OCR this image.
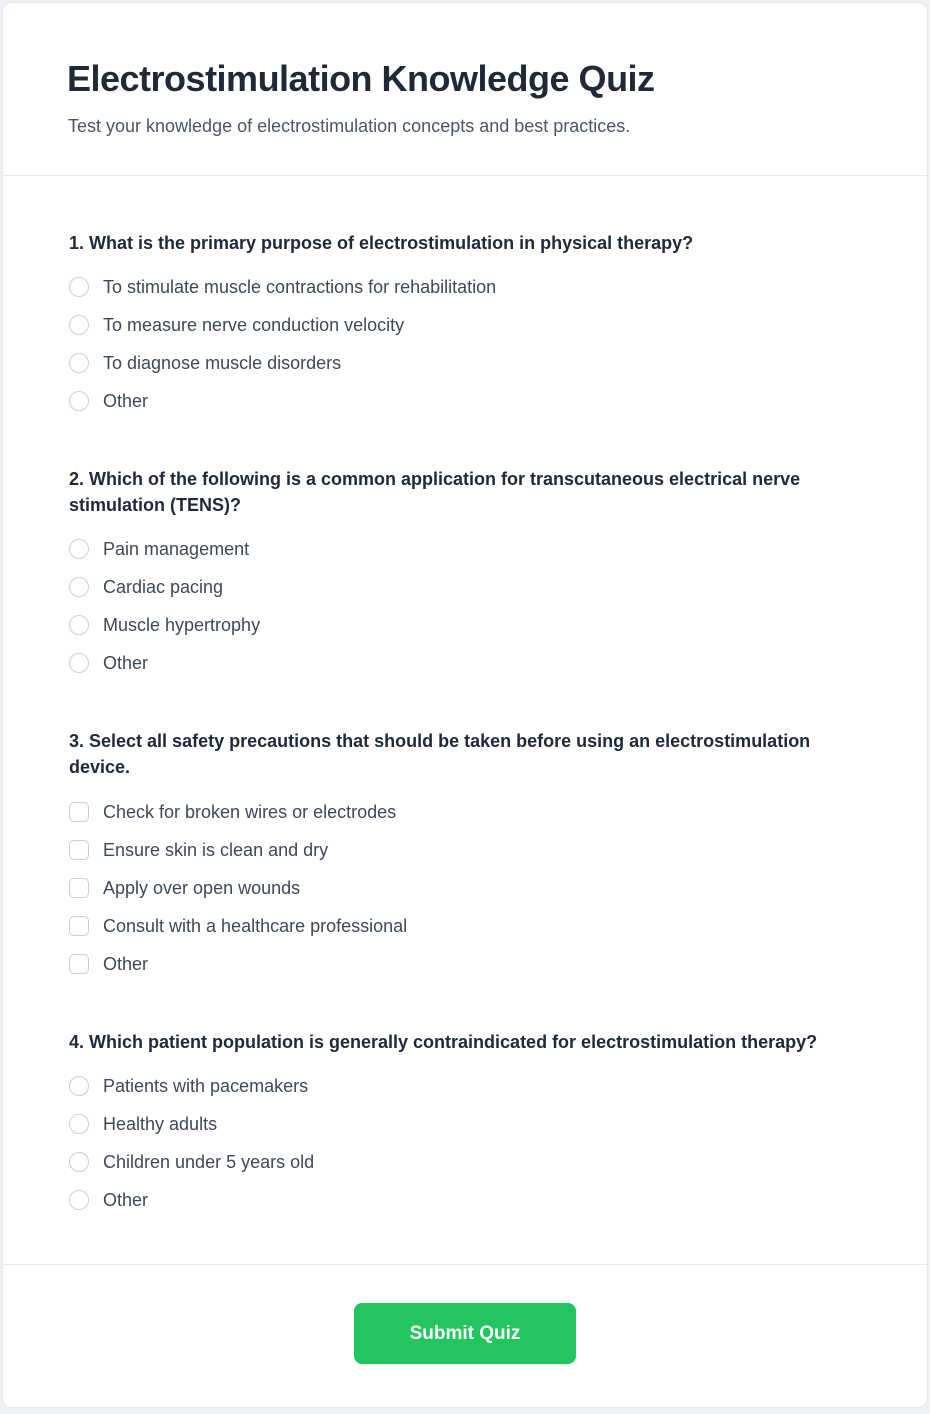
Electrostimulation Knowledge Quiz

Test your knowledge of electrostimulation concepts and best practices.

1. What is the primary purpose of electrostimulation in physical therapy?
To stimulate muscle contractions for rehabilitation
To measure nerve conduction velocity
To diagnose muscle disorders
Other
2. Which of the following is a common application for transcutaneous electrical nerve stimulation (TENS)?
Pain management
Cardiac pacing
Muscle hypertrophy
Other
3. Select all safety precautions that should be taken before using an electrostimulation device.
Check for broken wires or electrodes
Ensure skin is clean and dry
Apply over open wounds
Consult with a healthcare professional
Other
4. Which patient population is generally contraindicated for electrostimulation therapy?
Patients with pacemakers
Healthy adults
Children under 5 years old
Other
Submit Quiz
